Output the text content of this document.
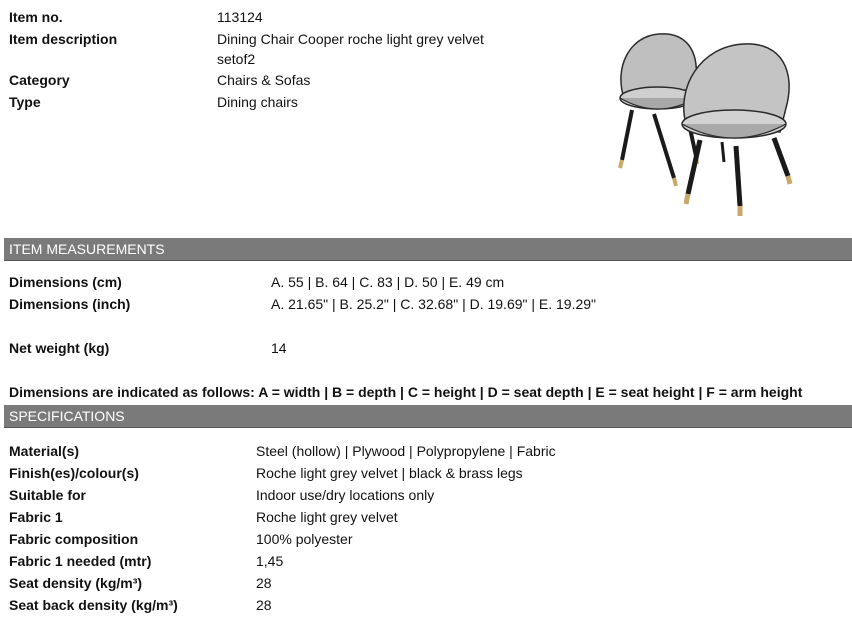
Item no.	113124
Item description	Dining Chair Cooper roche light grey velvet
setof2
Category	Chairs & Sofas
Type	Dining chairs
ITEM MEASUREMENTS
Dimensions (cm)	A. 55 | B. 64 | C. 83 | D. 50 | E. 49 cm
Dimensions (inch)	A. 21.65" | B. 25.2" | C. 32.68" | D. 19.69" | E. 19.29"
Net weight (kg)	14
Dimensions are indicated as follows: A = width | B = depth | C = height | D = seat depth | E = seat height | F = arm height
SPECIFICATIONS
Material(s)	Steel (hollow) | Plywood | Polypropylene | Fabric
Finish(es)/colour(s)	Roche light grey velvet | black & brass legs
Suitable for	Indoor use/dry locations only
Fabric 1	Roche light grey velvet
Fabric composition	100% polyester
Fabric 1 needed (mtr)	1,45
Seat density (kg/m³)	28
Seat back density (kg/m³)	28
